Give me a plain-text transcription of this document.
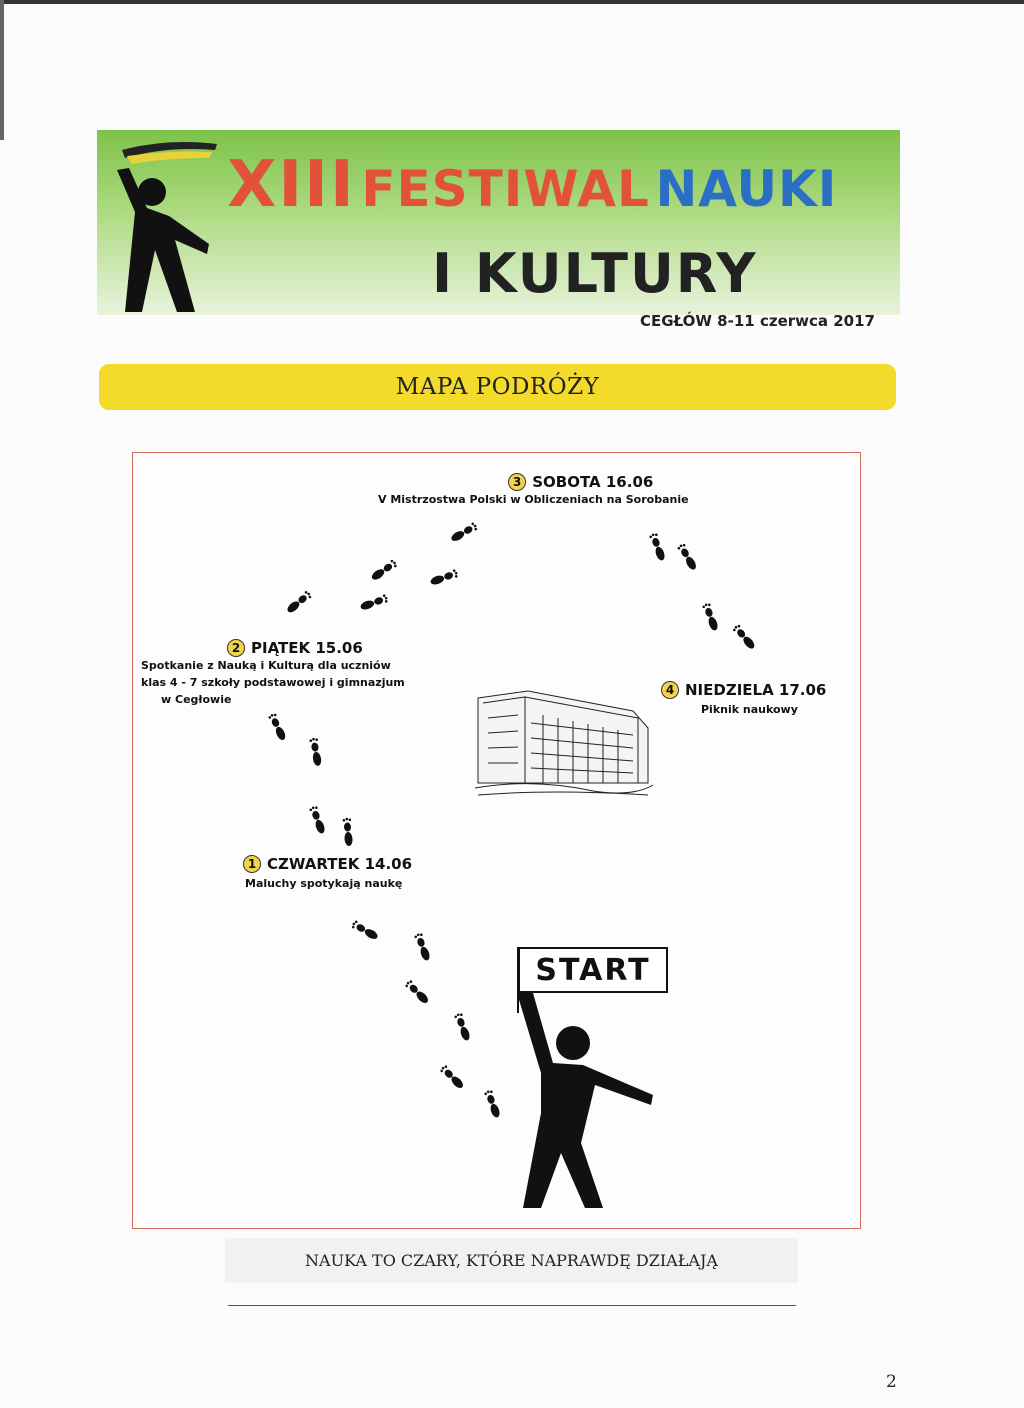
XIII FESTIWAL NAUKI
I KULTURY
CEGŁÓW 8-11 czerwca 2017
MAPA PODRÓŻY
3 SOBOTA 16.06
V Mistrzostwa Polski w Obliczeniach na Sorobanie
2 PIĄTEK 15.06
Spotkanie z Nauką i Kulturą dla uczniów
klas 4 - 7 szkoły podstawowej i gimnazjum
w Cegłowie
4 NIEDZIELA 17.06
Piknik naukowy
1 CZWARTEK 14.06
Maluchy spotykają naukę
START
NAUKA TO CZARY, KTÓRE NAPRAWDĘ DZIAŁAJĄ
2
